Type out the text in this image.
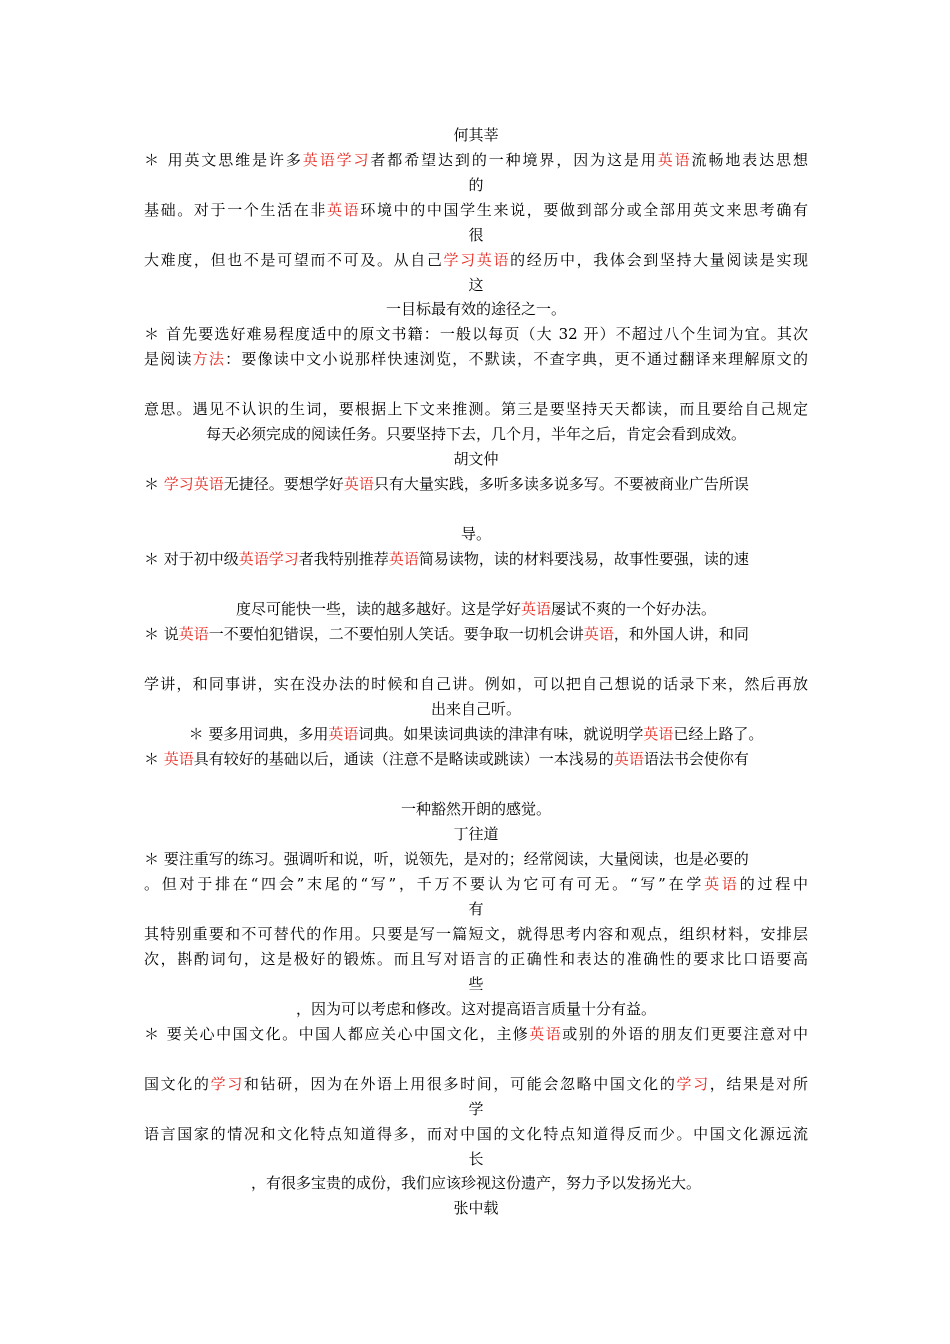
何其莘
＊ 用英文思维是许多英语学习者都希望达到的一种境界，因为这是用英语流畅地表达思想
的
基础。对于一个生活在非英语环境中的中国学生来说，要做到部分或全部用英文来思考确有
很
大难度，但也不是可望而不可及。从自己学习英语的经历中，我体会到坚持大量阅读是实现
这
一目标最有效的途径之一。
＊ 首先要选好难易程度适中的原文书籍：一般以每页（大 32 开）不超过八个生词为宜。其次
是阅读方法：要像读中文小说那样快速浏览，不默读，不查字典，更不通过翻译来理解原文的
意思。遇见不认识的生词，要根据上下文来推测。第三是要坚持天天都读，而且要给自己规定
每天必须完成的阅读任务。只要坚持下去，几个月，半年之后，肯定会看到成效。
胡文仲
＊ 学习英语无捷径。要想学好英语只有大量实践，多听多读多说多写。不要被商业广告所误
导。
＊ 对于初中级英语学习者我特别推荐英语简易读物，读的材料要浅易，故事性要强，读的速
度尽可能快一些，读的越多越好。这是学好英语屡试不爽的一个好办法。
＊ 说英语一不要怕犯错误，二不要怕别人笑话。要争取一切机会讲英语，和外国人讲，和同
学讲，和同事讲，实在没办法的时候和自己讲。例如，可以把自己想说的话录下来，然后再放
出来自己听。
＊ 要多用词典，多用英语词典。如果读词典读的津津有味，就说明学英语已经上路了。
＊ 英语具有较好的基础以后，通读（注意不是略读或跳读）一本浅易的英语语法书会使你有
一种豁然开朗的感觉。
丁往道
＊ 要注重写的练习。强调听和说，听，说领先，是对的；经常阅读，大量阅读，也是必要的
。但对于排在“四会”末尾的“写”，千万不要认为它可有可无。“写”在学英语的过程中
有
其特别重要和不可替代的作用。只要是写一篇短文，就得思考内容和观点，组织材料，安排层
次，斟酌词句，这是极好的锻炼。而且写对语言的正确性和表达的准确性的要求比口语要高
些
，因为可以考虑和修改。这对提高语言质量十分有益。
＊ 要关心中国文化。中国人都应关心中国文化，主修英语或别的外语的朋友们更要注意对中
国文化的学习和钻研，因为在外语上用很多时间，可能会忽略中国文化的学习，结果是对所
学
语言国家的情况和文化特点知道得多，而对中国的文化特点知道得反而少。中国文化源远流
长
，有很多宝贵的成份，我们应该珍视这份遗产，努力予以发扬光大。
张中载
